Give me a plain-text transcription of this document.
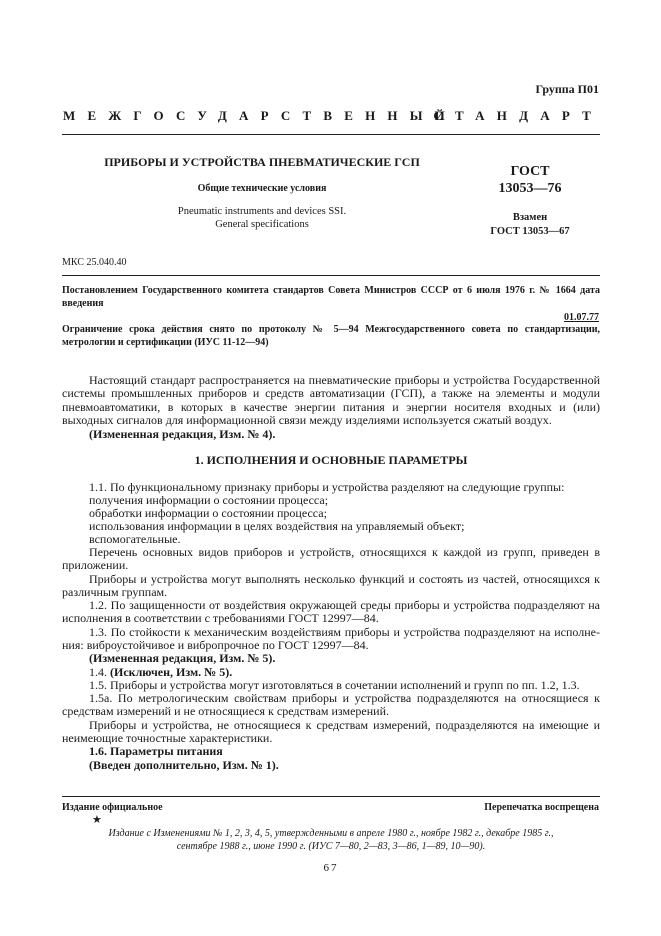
Группа П01
МЕЖГОСУДАРСТВЕННЫЙ
СТАНДАРТ
ПРИБОРЫ И УСТРОЙСТВА ПНЕВМАТИЧЕСКИЕ ГСП
Общие технические условия
Pneumatic instruments and devices SSI.
General specifications
ГОСТ
13053—76
Взамен
ГОСТ 13053—67
МКС 25.040.40
Постановлением Государственного комитета стандартов Совета Министров СССР от 6 июля 1976 г. № 1664 дата введения
01.07.77
Ограничение срока действия снято по протоколу № 5—94 Межгосударственного совета по стандартизации, метрологии и сертификации (ИУС 11-12—94)
Настоящий стандарт распространяется на пневматические приборы и устройства Государственной системы промышленных приборов и средств автоматизации (ГСП), а также на элементы и модули пневмоавтоматики, в которых в качестве энергии питания и энергии носителя входных и (или) выходных сигналов для информационной связи между изделиями используется сжатый воздух.
(Измененная редакция, Изм. № 4).
1. ИСПОЛНЕНИЯ И ОСНОВНЫЕ ПАРАМЕТРЫ
1.1. По функциональному признаку приборы и устройства разделяют на следующие группы:
получения информации о состоянии процесса;
обработки информации о состоянии процесса;
использования информации в целях воздействия на управляемый объект;
вспомогательные.
Перечень основных видов приборов и устройств, относящихся к каждой из групп, приведен в приложении.
Приборы и устройства могут выполнять несколько функций и состоять из частей, относящихся к различным группам.
1.2. По защищенности от воздействия окружающей среды приборы и устройства подразделяют на исполнения в соответствии с требованиями ГОСТ 12997—84.
1.3. По стойкости к механическим воздействиям приборы и устройства подразделяют на исполне- ния: виброустойчивое и вибропрочное по ГОСТ 12997—84.
(Измененная редакция, Изм. № 5).
1.4. (Исключен, Изм. № 5).
1.5. Приборы и устройства могут изготовляться в сочетании исполнений и групп по пп. 1.2, 1.3.
1.5а. По метрологическим свойствам приборы и устройства подразделяются на относящиеся к средствам измерений и не относящиеся к средствам измерений.
Приборы и устройства, не относящиеся к средствам измерений, подразделяются на имеющие и неимеющие точностные характеристики.
1.6. Параметры питания
(Введен дополнительно, Изм. № 1).
Издание официальное	Перепечатка воспрещена
★
Издание с Изменениями № 1, 2, 3, 4, 5, утвержденными в апреле 1980 г., ноябре 1982 г., декабре 1985 г.,
сентябре 1988 г., июне 1990 г. (ИУС 7—80, 2—83, 3—86, 1—89, 10—90).
67
